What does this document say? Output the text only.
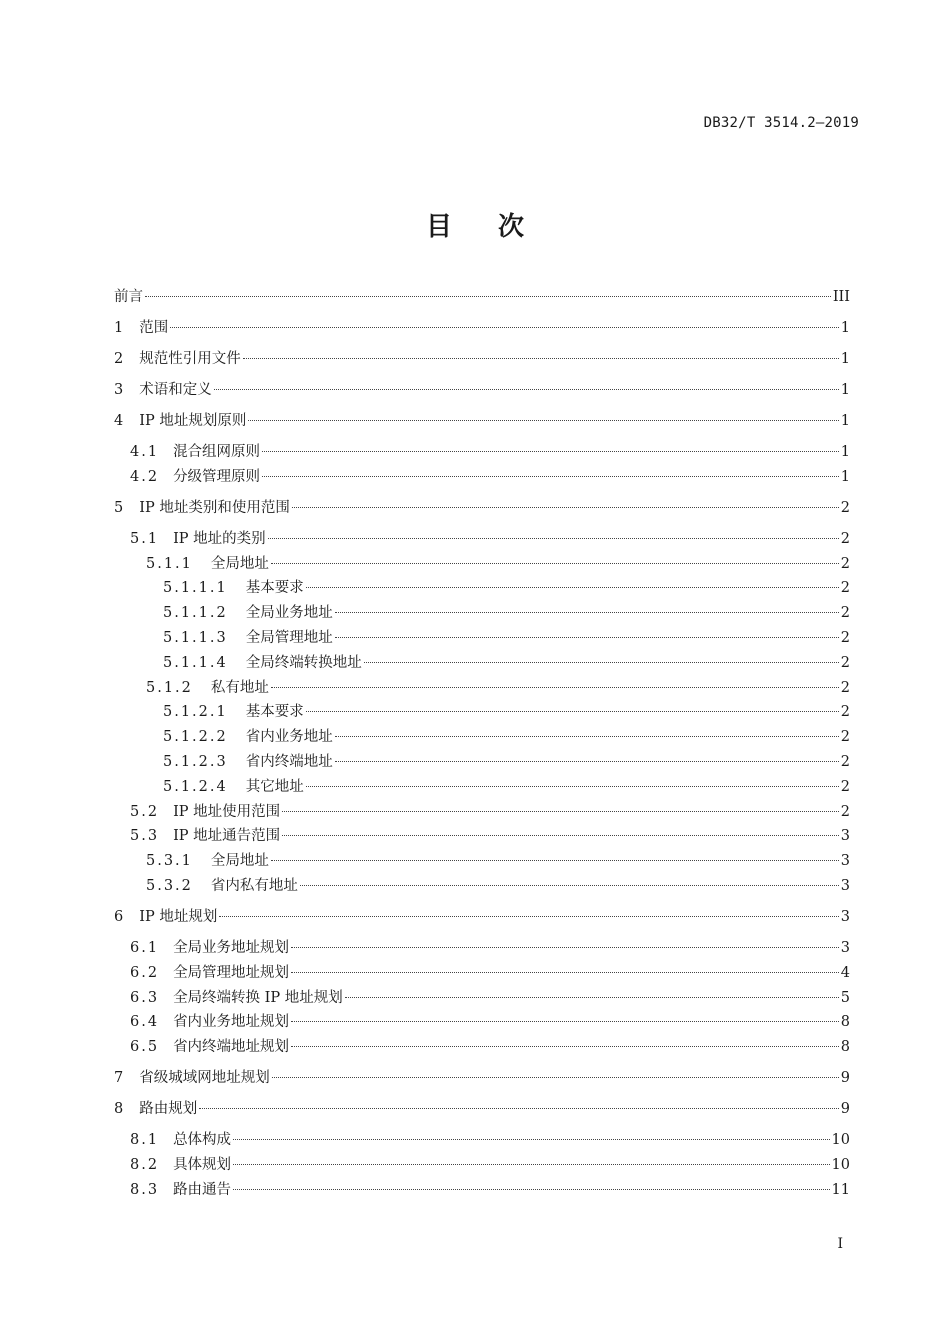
DB32/T 3514.2—2019
目次
前言	III
1 范围	1
2 规范性引用文件	1
3 术语和定义	1
4 IP 地址规划原则	1
4.1 混合组网原则	1
4.2 分级管理原则	1
5 IP 地址类别和使用范围	2
5.1 IP 地址的类别	2
5.1.1	全局地址	2
5.1.1.1	基本要求	2
5.1.1.2	全局业务地址	2
5.1.1.3	全局管理地址	2
5.1.1.4	全局终端转换地址	2
5.1.2	私有地址	2
5.1.2.1	基本要求	2
5.1.2.2	省内业务地址	2
5.1.2.3	省内终端地址	2
5.1.2.4	其它地址	2
5.2 IP 地址使用范围	2
5.3 IP 地址通告范围	3
5.3.1	全局地址	3
5.3.2	省内私有地址	3
6 IP 地址规划	3
6.1 全局业务地址规划	3
6.2 全局管理地址规划	4
6.3 全局终端转换 IP 地址规划	5
6.4 省内业务地址规划	8
6.5 省内终端地址规划	8
7 省级城域网地址规划	9
8 路由规划	9
8.1 总体构成	10
8.2 具体规划	10
8.3 路由通告	11
I
